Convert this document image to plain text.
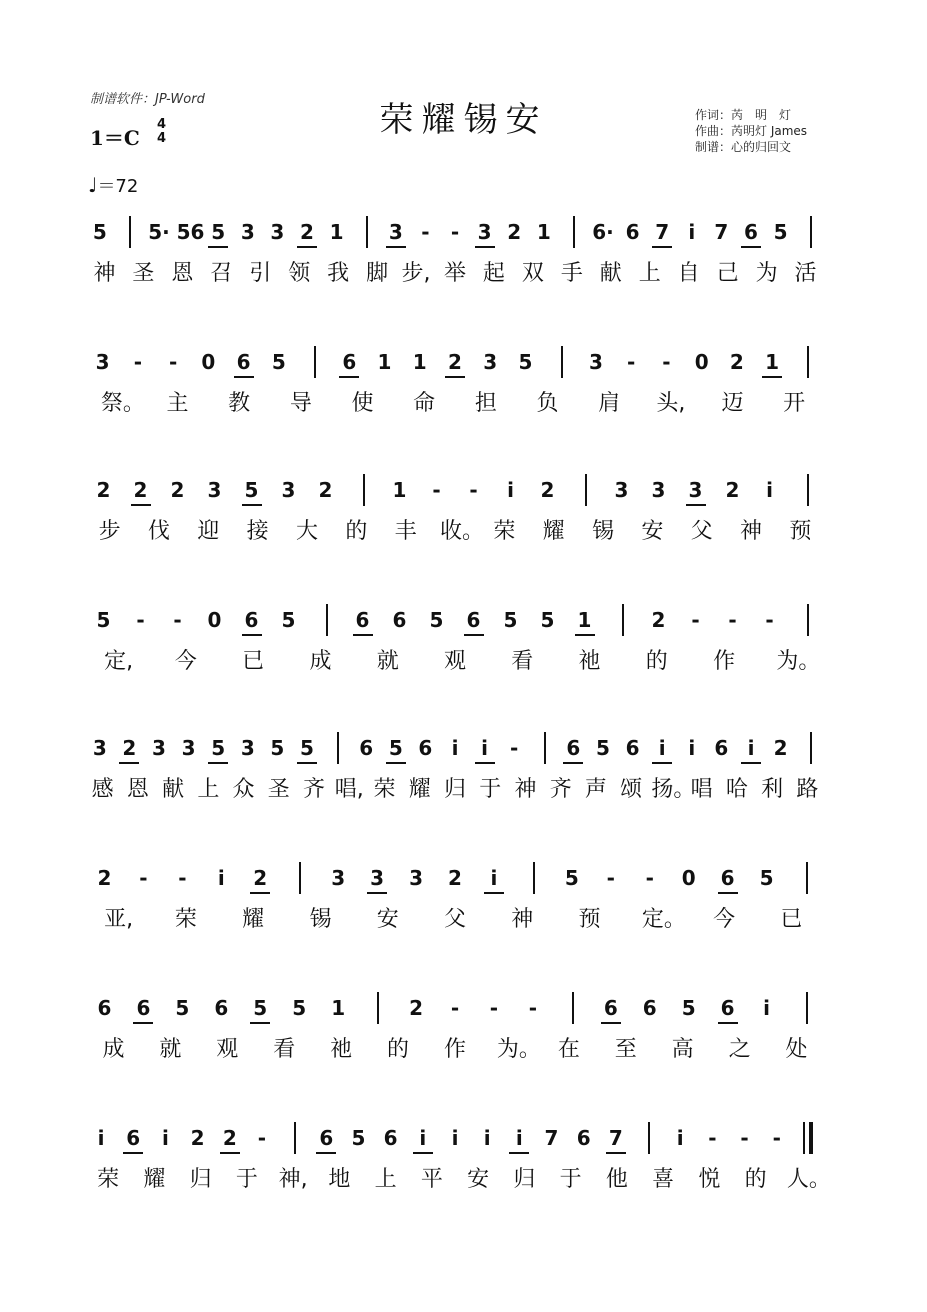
制谱软件：JP-Word
荣耀锡安	作词：芮　明　灯
作曲：芮明灯 James
制谱：心的归回文
1＝C
4
4
♩＝72
5 5· 56 5 3 3 2 1 3 -	- 3 2 1 6· 6 7 i 7 6 5
神 圣 恩 召 引 领 我 脚 步, 举 起 双 手 献 上 自 己 为 活
3	-	-	0 6 5	6 1 1 2 3 5	3	-	-	0 2 1
祭。 主 教 导 使 命 担 负 肩 头, 迈 开
2 2 2 3 5 3 2	1	-	-	i	2	3 3 3 2	i
步 伐 迎 接 大 的 丰 收。 荣 耀 锡 安 父 神 预
5	-	-	0 6 5	6 6 5 6 5 5 1	2	-	-	-
定, 今 已 成 就 观 看 祂 的 作 为。
3 2 3 3 5 3 5 5 6 5 6 i	i	-	6 5 6 i	i 6 i 2
感 恩 献 上 众 圣 齐 唱, 荣 耀 归 于 神 齐 声 颂 扬。
唱 哈 利 路
2	-	-	i	2	3 3 3 2	i	5	-	-	0 6 5
亚, 荣 耀 锡 安 父 神 预 定。 今 已
6 6 5 6 5 5 1	2	-	-	-	6 6 5 6	i
成 就 观 看 祂 的 作 为。 在 至 高 之 处
i	6	i	2 2	-	6 5 6	i	i	i	i	7 6 7	i	-	-	-
荣 耀 归 于 神, 地 上 平 安 归 于 他 喜 悦 的 人。
